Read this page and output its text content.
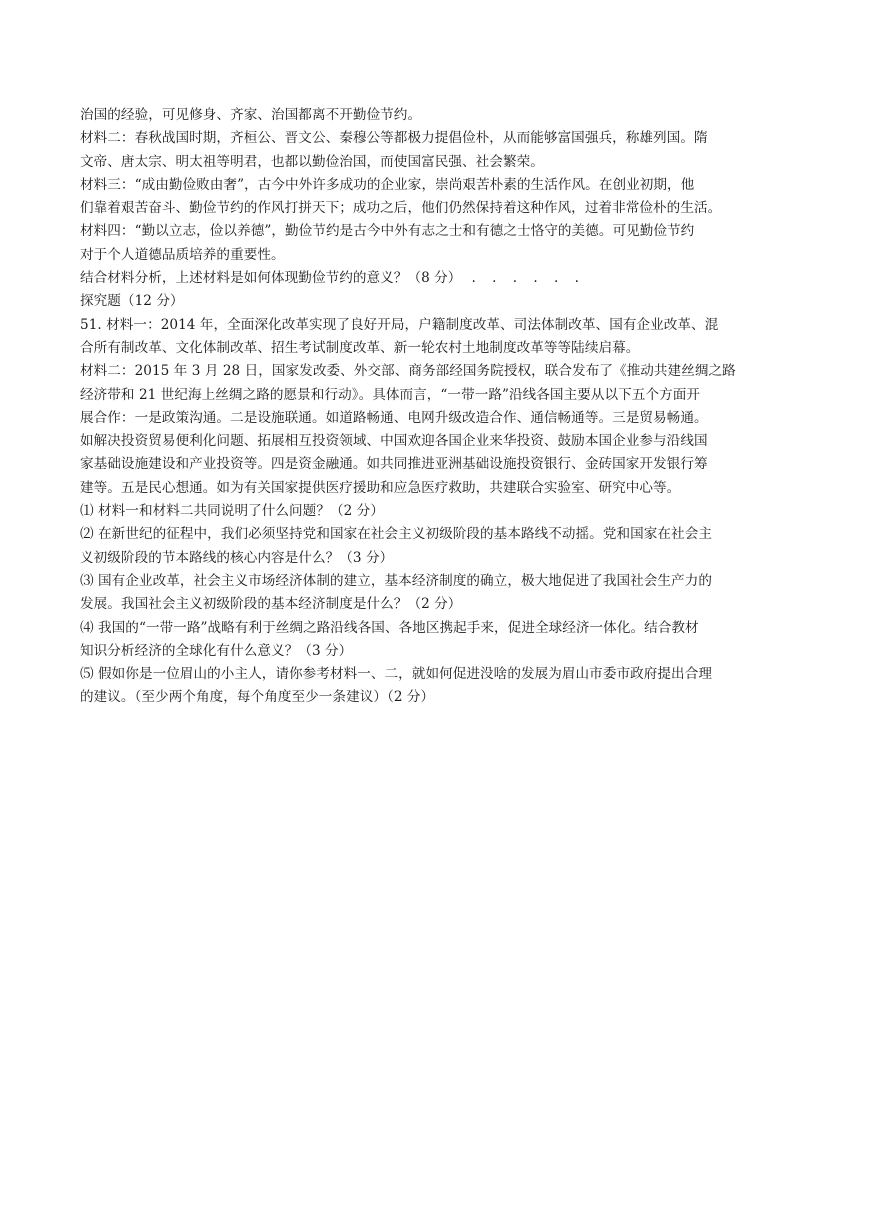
治国的经验，可见修身、齐家、治国都离不开勤俭节约。
材料二：春秋战国时期，齐桓公、晋文公、秦穆公等都极力提倡俭朴，从而能够富国强兵，称雄列国。隋
文帝、唐太宗、明太祖等明君，也都以勤俭治国，而使国富民强、社会繁荣。
材料三：“成由勤俭败由奢”，古今中外许多成功的企业家，崇尚艰苦朴素的生活作风。在创业初期，他
们靠着艰苦奋斗、勤俭节约的作风打拼天下；成功之后，他们仍然保持着这种作风，过着非常俭朴的生活。
材料四：“勤以立志，俭以养德”，勤俭节约是古今中外有志之士和有德之士恪守的美德。可见勤俭节约
对于个人道德品质培养的重要性。
结合材料分析，上述材料是如何体现勤俭节约的意义？（8 分） . . . . . .
探究题（12 分）
51. 材料一：2014 年，全面深化改革实现了良好开局，户籍制度改革、司法体制改革、国有企业改革、混
合所有制改革、文化体制改革、招生考试制度改革、新一轮农村土地制度改革等等陆续启幕。
材料二：2015 年 3 月 28 日，国家发改委、外交部、商务部经国务院授权，联合发布了《推动共建丝绸之路
经济带和 21 世纪海上丝绸之路的愿景和行动》。具体而言，“一带一路”沿线各国主要从以下五个方面开
展合作：一是政策沟通。二是设施联通。如道路畅通、电网升级改造合作、通信畅通等。三是贸易畅通。
如解决投资贸易便利化问题、拓展相互投资领域、中国欢迎各国企业来华投资、鼓励本国企业参与沿线国
家基础设施建设和产业投资等。四是资金融通。如共同推进亚洲基础设施投资银行、金砖国家开发银行筹
建等。五是民心想通。如为有关国家提供医疗援助和应急医疗救助，共建联合实验室、研究中心等。
⑴ 材料一和材料二共同说明了什么问题？（2 分）
⑵ 在新世纪的征程中，我们必须坚持党和国家在社会主义初级阶段的基本路线不动摇。党和国家在社会主
义初级阶段的节本路线的核心内容是什么？（3 分）
⑶ 国有企业改革，社会主义市场经济体制的建立，基本经济制度的确立，极大地促进了我国社会生产力的
发展。我国社会主义初级阶段的基本经济制度是什么？（2 分）
⑷ 我国的“一带一路”战略有利于丝绸之路沿线各国、各地区携起手来，促进全球经济一体化。结合教材
知识分析经济的全球化有什么意义？（3 分）
⑸ 假如你是一位眉山的小主人，请你参考材料一、二，就如何促进没啥的发展为眉山市委市政府提出合理
的建议。（至少两个角度，每个角度至少一条建议）（2 分）
